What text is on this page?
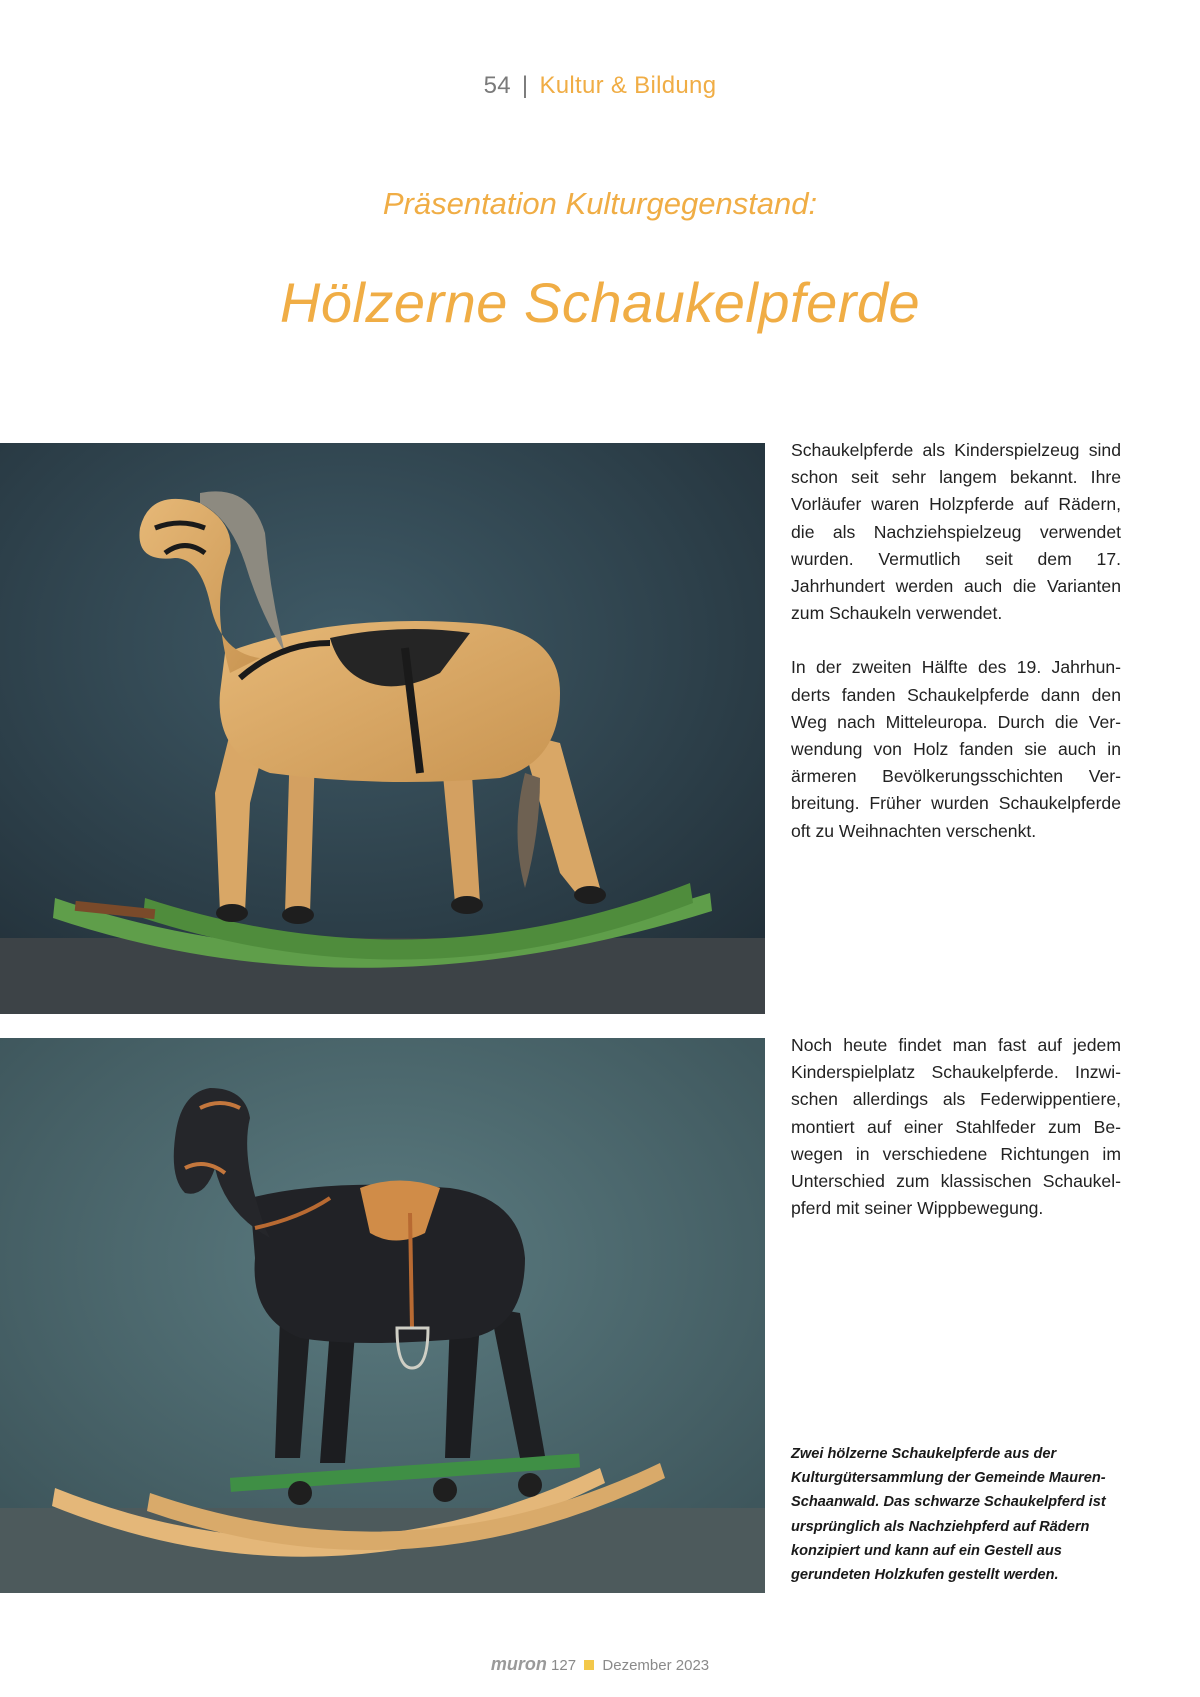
54 | Kultur & Bildung
Präsentation Kulturgegenstand:
Hölzerne Schaukelpferde

Schaukelpferde als Kinderspielzeug sind schon seit sehr langem bekannt. Ihre Vorläufer waren Holzpferde auf Rädern, die als Nachziehspielzeug verwendet wurden. Vermutlich seit dem 17. Jahrhundert werden auch die Varianten zum Schaukeln verwendet.

In der zweiten Hälfte des 19. Jahrhunderts fanden Schaukelpferde dann den Weg nach Mitteleuropa. Durch die Verwendung von Holz fanden sie auch in ärmeren Bevölkerungsschichten Verbreitung. Früher wurden Schaukelpferde oft zu Weihnachten verschenkt.

Noch heute findet man fast auf jedem Kinderspielplatz Schaukelpferde. Inzwischen allerdings als Federwippentiere, montiert auf einer Stahlfeder zum Bewegen in verschiedene Richtungen im Unterschied zum klassischen Schaukelpferd mit seiner Wippbewegung.

Zwei hölzerne Schaukelpferde aus der Kulturgütersammlung der Gemeinde Mauren-Schaanwald. Das schwarze Schaukelpferd ist ursprünglich als Nachziehpferd auf Rädern konzipiert und kann auf ein Gestell aus gerundeten Holzkufen gestellt werden.
muron 127 Dezember 2023
